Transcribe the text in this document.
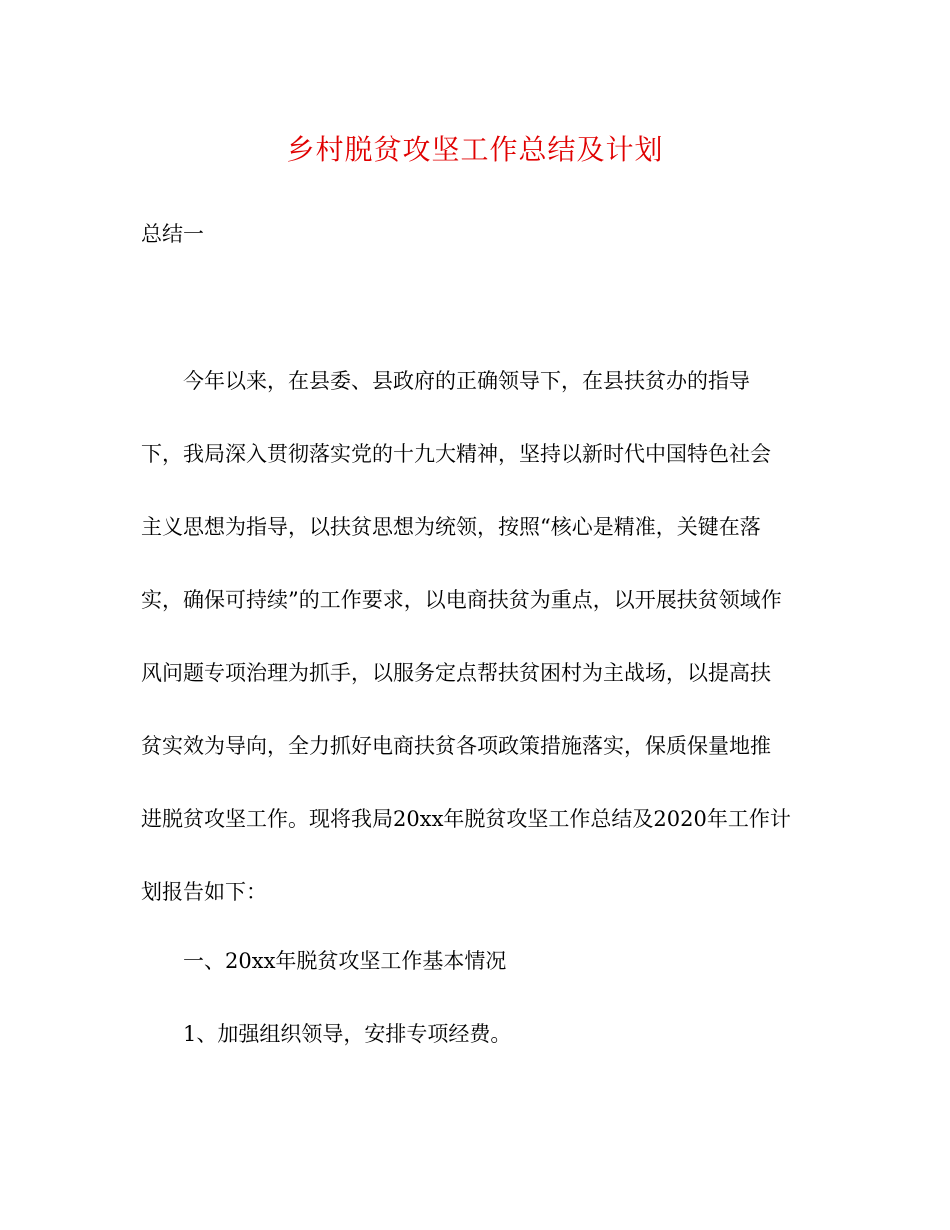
乡村脱贫攻坚工作总结及计划

总结一

今年以来，在县委、县政府的正确领导下，在县扶贫办的指导
下，我局深入贯彻落实党的十九大精神，坚持以新时代中国特色社会
主义思想为指导，以扶贫思想为统领，按照“核心是精准，关键在落
实，确保可持续”的工作要求，以电商扶贫为重点，以开展扶贫领域作
风问题专项治理为抓手，以服务定点帮扶贫困村为主战场，以提高扶
贫实效为导向，全力抓好电商扶贫各项政策措施落实，保质保量地推
进脱贫攻坚工作。现将我局20xx年脱贫攻坚工作总结及2020年工作计
划报告如下：

一、20xx年脱贫攻坚工作基本情况

1、加强组织领导，安排专项经费。
